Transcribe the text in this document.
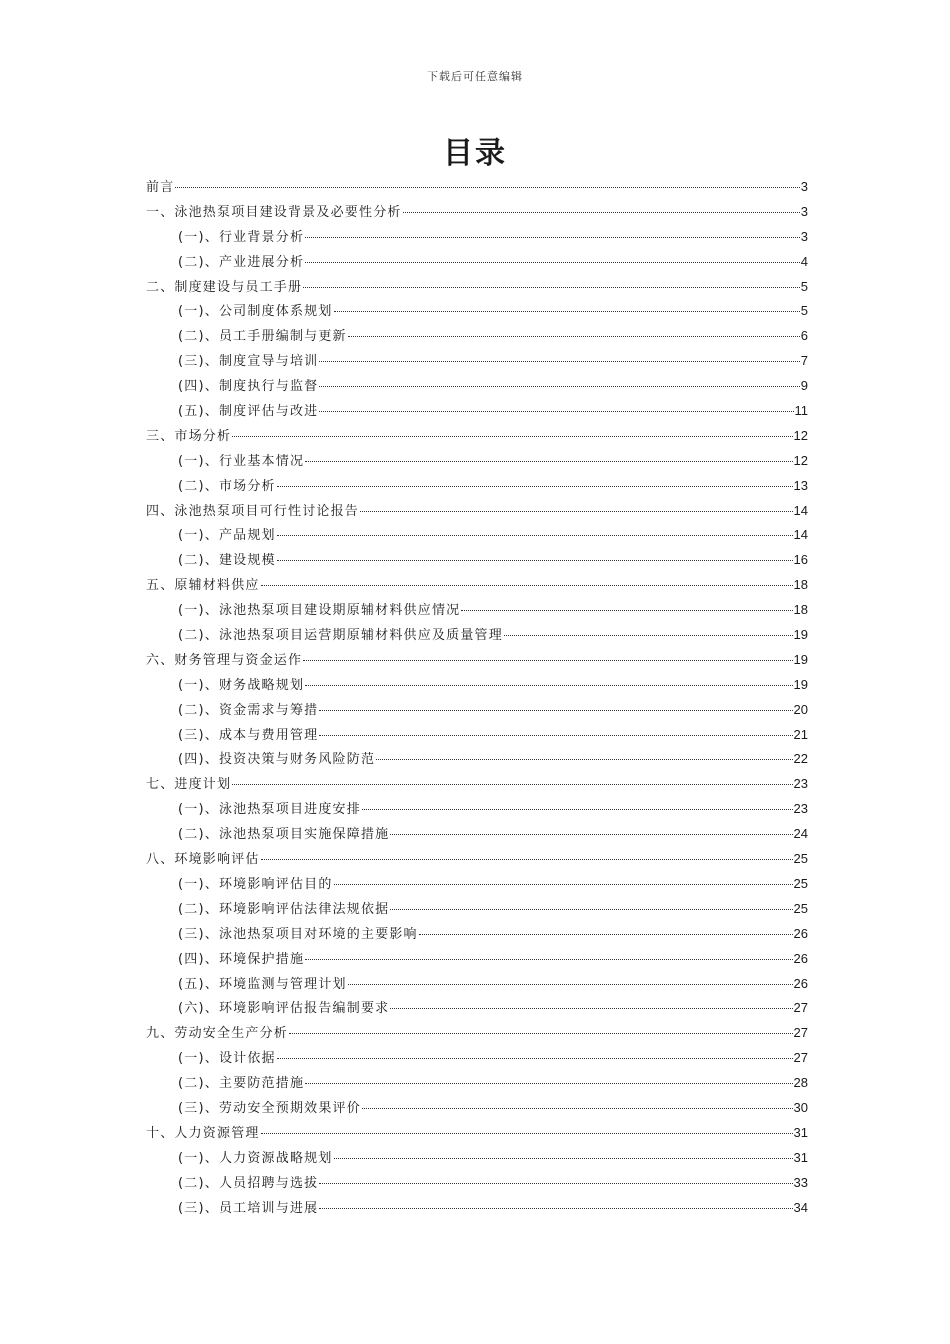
下载后可任意编辑
目录
前言	3
一、泳池热泵项目建设背景及必要性分析	3
(一)、行业背景分析	3
(二)、产业进展分析	4
二、制度建设与员工手册	5
(一)、公司制度体系规划	5
(二)、员工手册编制与更新	6
(三)、制度宣导与培训	7
(四)、制度执行与监督	9
(五)、制度评估与改进	11
三、市场分析	12
(一)、行业基本情况	12
(二)、市场分析	13
四、泳池热泵项目可行性讨论报告	14
(一)、产品规划	14
(二)、建设规模	16
五、原辅材料供应	18
(一)、泳池热泵项目建设期原辅材料供应情况	18
(二)、泳池热泵项目运营期原辅材料供应及质量管理	19
六、财务管理与资金运作	19
(一)、财务战略规划	19
(二)、资金需求与筹措	20
(三)、成本与费用管理	21
(四)、投资决策与财务风险防范	22
七、进度计划	23
(一)、泳池热泵项目进度安排	23
(二)、泳池热泵项目实施保障措施	24
八、环境影响评估	25
(一)、环境影响评估目的	25
(二)、环境影响评估法律法规依据	25
(三)、泳池热泵项目对环境的主要影响	26
(四)、环境保护措施	26
(五)、环境监测与管理计划	26
(六)、环境影响评估报告编制要求	27
九、劳动安全生产分析	27
(一)、设计依据	27
(二)、主要防范措施	28
(三)、劳动安全预期效果评价	30
十、人力资源管理	31
(一)、人力资源战略规划	31
(二)、人员招聘与选拔	33
(三)、员工培训与进展	34
